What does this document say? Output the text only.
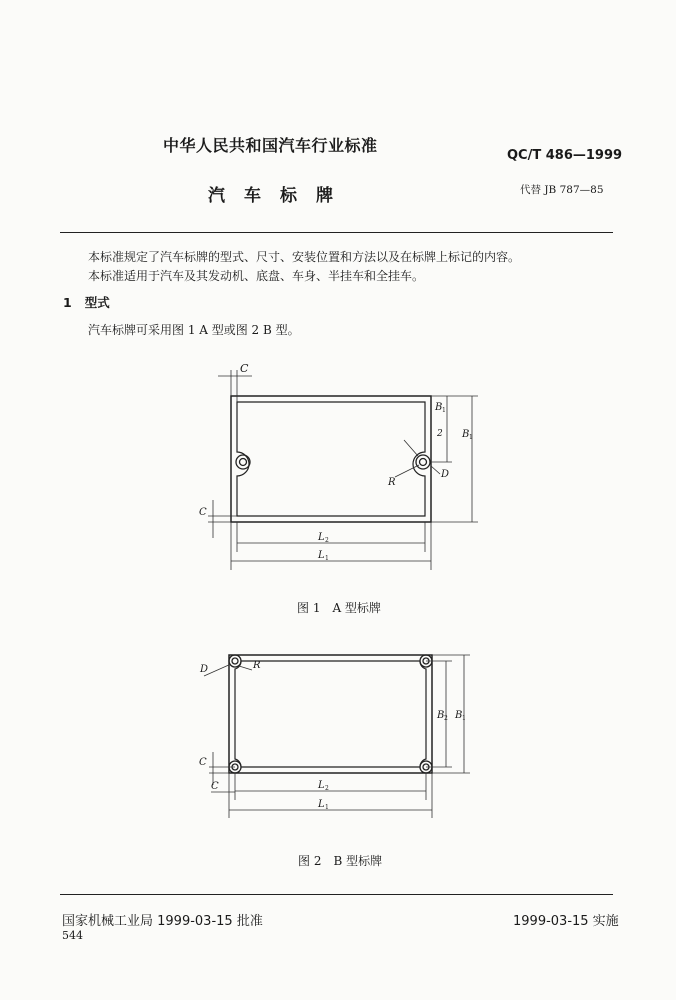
中华人民共和国汽车行业标准
QC/T 486—1999
汽车标牌	代替 JB 787—85
本标准规定了汽车标牌的型式、尺寸、安装位置和方法以及在标牌上标记的内容。
本标准适用于汽车及其发动机、底盘、车身、半挂车和全挂车。
1 型式
汽车标牌可采用图 1 A 型或图 2 B 型。
C
B 1
2 B 1
D
R
C
L 2
L 1
图 1　A 型标牌
D	R
B 2 B 1
C
C	L 2
L 1
图 2　B 型标牌
国家机械工业局 1999-03-15 批准	1999-03-15 实施
544
